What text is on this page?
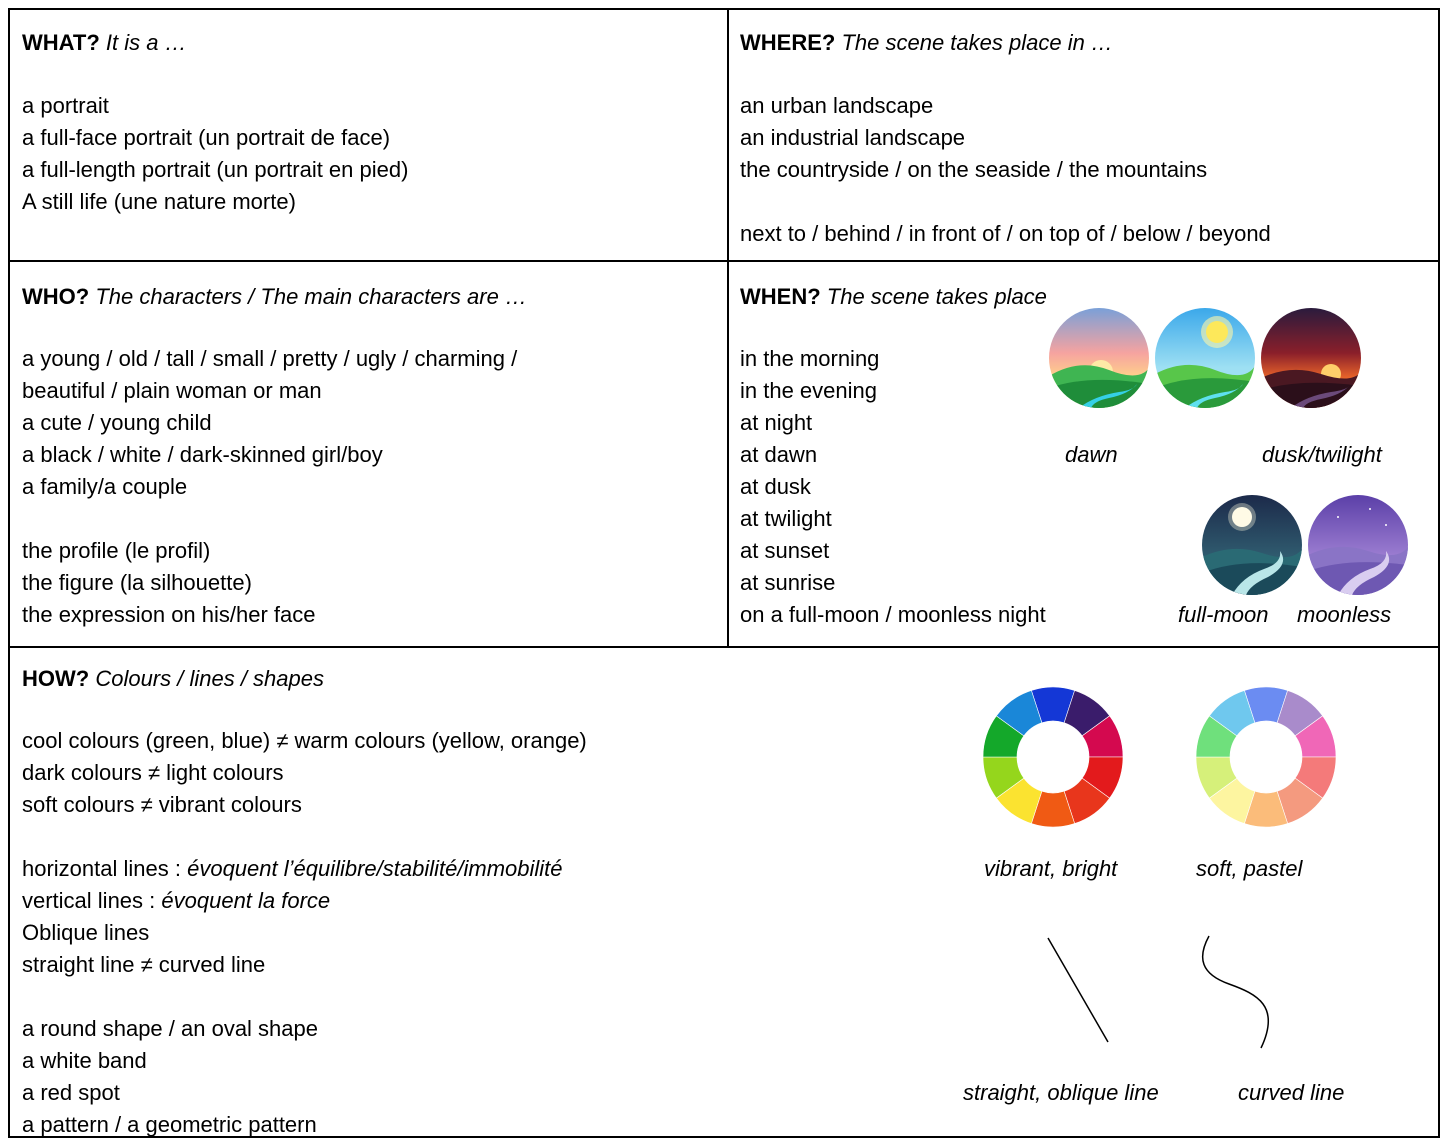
WHAT? It is a …
a portrait
a full-face portrait (un portrait de face)
a full-length portrait (un portrait en pied)
A still life (une nature morte)
WHERE? The scene takes place in …
an urban landscape
an industrial landscape
the countryside / on the seaside / the mountains
next to / behind / in front of / on top of / below / beyond
WHO? The characters / The main characters are …
a young / old / tall / small / pretty / ugly / charming /
beautiful / plain woman or man
a cute / young child
a black / white / dark-skinned girl/boy
a family/a couple
the profile (le profil)
the figure (la silhouette)
the expression on his/her face
WHEN? The scene takes place
in the morning
in the evening
at night
at dawn
at dusk
at twilight
at sunset
at sunrise
on a full-moon / moonless night
dawn	dusk/twilight
full-moon moonless
HOW? Colours / lines / shapes
cool colours (green, blue) ≠ warm colours (yellow, orange)
dark colours ≠ light colours
soft colours ≠ vibrant colours
horizontal lines : évoquent l’équilibre/stabilité/immobilité
vertical lines : évoquent la force
Oblique lines
straight line ≠ curved line
a round shape / an oval shape
a white band
a red spot
a pattern / a geometric pattern
vibrant, bright	soft, pastel
straight, oblique line	curved line
